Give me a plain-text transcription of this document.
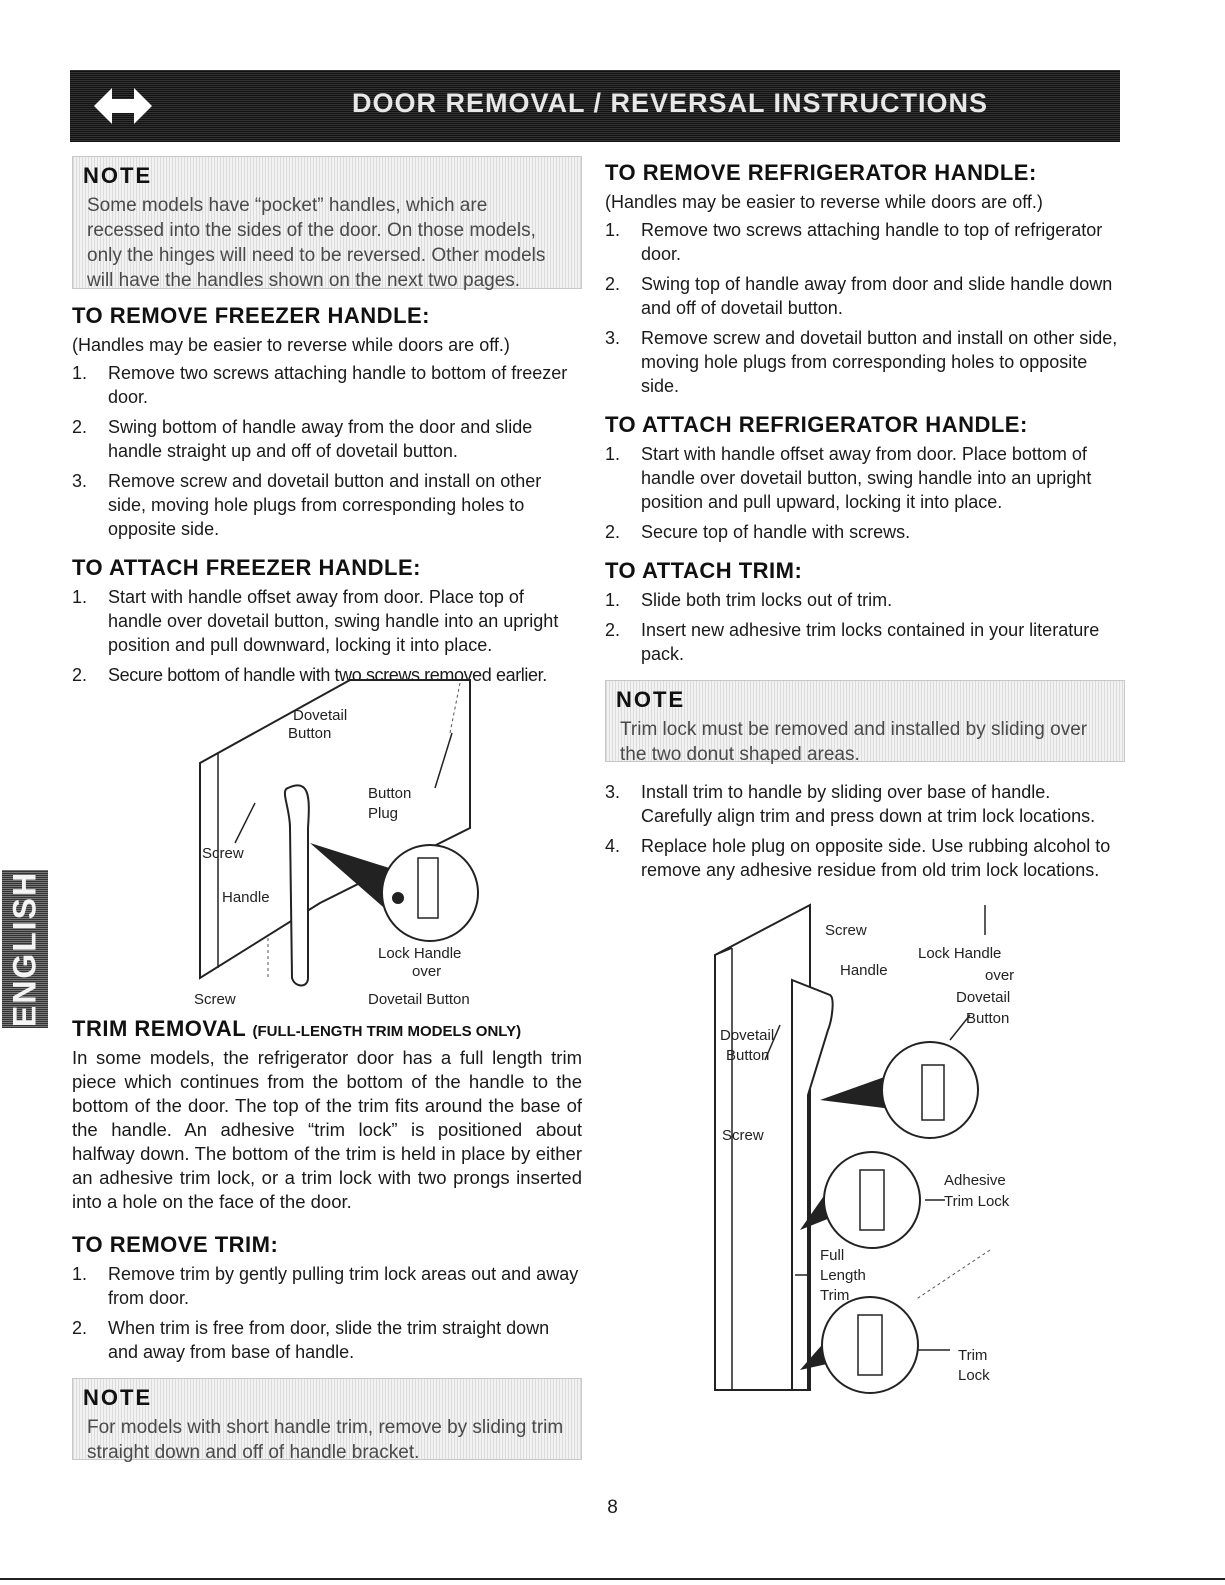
DOOR REMOVAL / REVERSAL INSTRUCTIONS
NOTE
Some models have “pocket” handles, which are recessed into the sides of the door. On those models, only the hinges will need to be reversed. Other models will have the handles shown on the next two pages.
TO REMOVE FREEZER HANDLE:

(Handles may be easier to reverse while doors are off.)

1. Remove two screws attaching handle to bottom of freezer door.
2. Swing bottom of handle away from the door and slide handle straight up and off of dovetail button.
3. Remove screw and dovetail button and install on other side, moving hole plugs from corresponding holes to opposite side.
TO ATTACH FREEZER HANDLE:
1. Start with handle offset away from door. Place top of handle over dovetail button, swing handle into an upright position and pull downward, locking it into place.
2. Secure bottom of handle with two screws removed earlier.
Dovetail
Button
Button
Plug
Screw
Handle
Lock Handle
over
Dovetail Button
Screw
TRIM REMOVAL (FULL-LENGTH TRIM MODELS ONLY)

In some models, the refrigerator door has a full length trim piece which continues from the bottom of the handle to the bottom of the door. The top of the trim fits around the base of the handle. An adhesive “trim lock” is positioned about halfway down. The bottom of the trim is held in place by either an adhesive trim lock, or a trim lock with two prongs inserted into a hole on the face of the door.

TO REMOVE TRIM:
1. Remove trim by gently pulling trim lock areas out and away from door.
2. When trim is free from door, slide the trim straight down and away from base of handle.
NOTE
For models with short handle trim, remove by sliding trim straight down and off of handle bracket.
TO REMOVE REFRIGERATOR HANDLE:

(Handles may be easier to reverse while doors are off.)

1. Remove two screws attaching handle to top of refrigerator door.
2. Swing top of handle away from door and slide handle down and off of dovetail button.
3. Remove screw and dovetail button and install on other side, moving hole plugs from corresponding holes to opposite side.
TO ATTACH REFRIGERATOR HANDLE:
1. Start with handle offset away from door. Place bottom of handle over dovetail button, swing handle into an upright position and pull upward, locking it into place.
2. Secure top of handle with screws.
TO ATTACH TRIM:
1. Slide both trim locks out of trim.
2. Insert new adhesive trim locks contained in your literature pack.
NOTE
Trim lock must be removed and installed by sliding over the two donut shaped areas.
3. Install trim to handle by sliding over base of handle. Carefully align trim and press down at trim lock locations.
4. Replace hole plug on opposite side. Use rubbing alcohol to remove any adhesive residue from old trim lock locations.
Screw
Handle
Lock Handle
over
Dovetail
Button
Dovetail
Button
Screw
Adhesive
Trim Lock
Full
Length
Trim
Trim
Lock
ENGLISH
8
